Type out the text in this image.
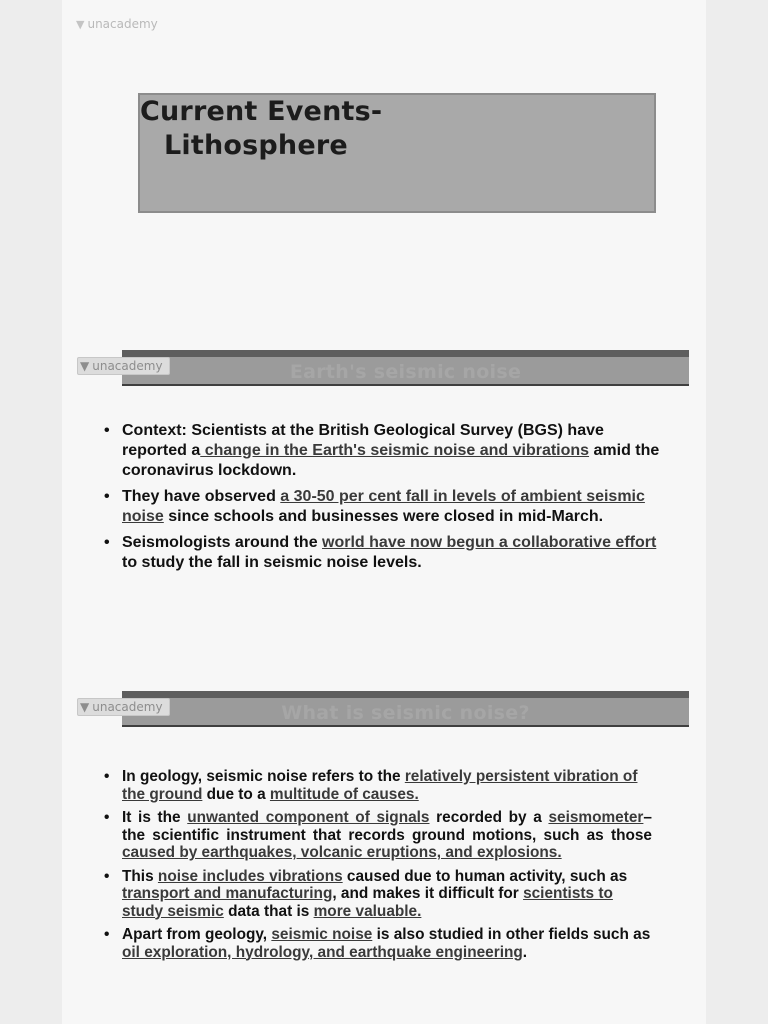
▼ unacademy
Current Events-
Lithosphere
Earth's seismic noise
▼ unacademy
• Context: Scientists at the British Geological Survey (BGS) have reported a change in the Earth's seismic noise and vibrations amid the coronavirus lockdown.
• They have observed a 30-50 per cent fall in levels of ambient seismic noise since schools and businesses were closed in mid-March.
• Seismologists around the world have now begun a collaborative effort to study the fall in seismic noise levels.
What is seismic noise?
▼ unacademy
• In geology, seismic noise refers to the relatively persistent vibration of the ground due to a multitude of causes.
• It is the unwanted component of signals recorded by a seismometer– the scientific instrument that records ground motions, such as those caused by earthquakes, volcanic eruptions, and explosions.
• This noise includes vibrations caused due to human activity, such as transport and manufacturing, and makes it difficult for scientists to study seismic data that is more valuable.
• Apart from geology, seismic noise is also studied in other fields such as oil exploration, hydrology, and earthquake engineering.
